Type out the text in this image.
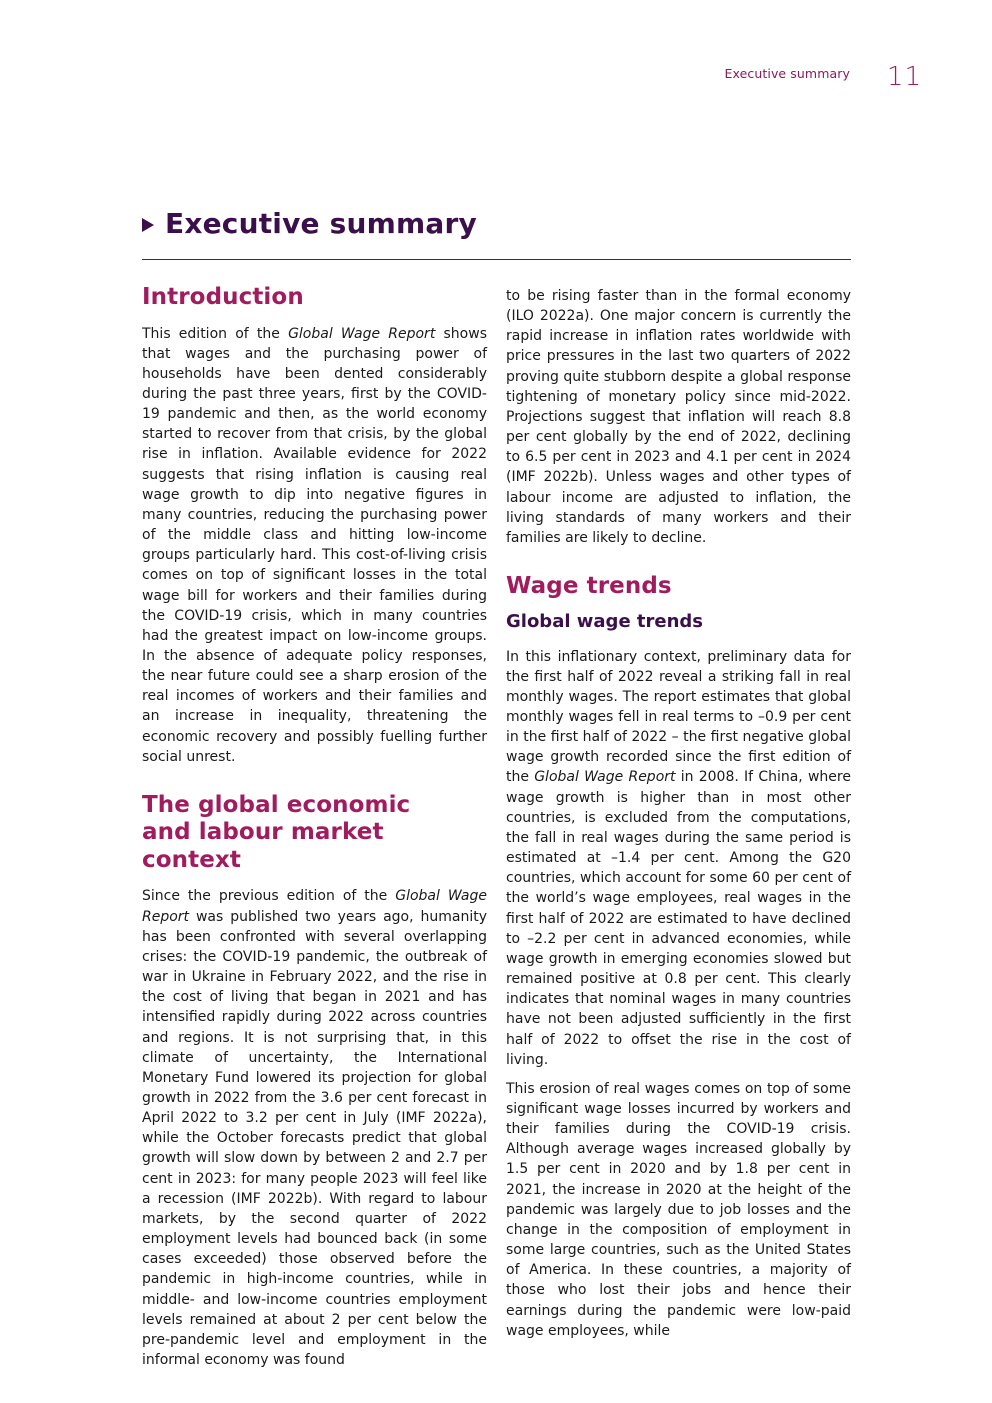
Executive summary 11
Executive summary
Introduction

This edition of the Global Wage Report shows that wages and the purchasing power of households have been dented considerably during the past three years, first by the COVID-19 pandemic and then, as the world economy started to recover from that crisis, by the global rise in inflation. Available evidence for 2022 suggests that rising inflation is causing real wage growth to dip into negative figures in many countries, reducing the purchasing power of the middle class and hitting low-income groups particularly hard. This cost-of-living crisis comes on top of significant losses in the total wage bill for workers and their families during the COVID-19 crisis, which in many countries had the greatest impact on low-income groups. In the absence of adequate policy responses, the near future could see a sharp erosion of the real incomes of workers and their families and an increase in inequality, threatening the economic recovery and possibly fuelling further social unrest.

The global economic
and labour market context

Since the previous edition of the Global Wage Report was published two years ago, humanity has been confronted with several overlapping crises: the COVID-19 pandemic, the outbreak of war in Ukraine in February 2022, and the rise in the cost of living that began in 2021 and has intensified rapidly during 2022 across countries and regions. It is not surprising that, in this climate of uncertainty, the International Monetary Fund lowered its projection for global growth in 2022 from the 3.6 per cent forecast in April 2022 to 3.2 per cent in July (IMF 2022a), while the October forecasts predict that global growth will slow down by between 2 and 2.7 per cent in 2023: for many people 2023 will feel like a recession (IMF 2022b). With regard to labour markets, by the second quarter of 2022 employment levels had bounced back (in some cases exceeded) those observed before the pandemic in high-income countries, while in middle- and low-income countries employment levels remained at about 2 per cent below the pre-pandemic level and employment in the informal economy was found

to be rising faster than in the formal economy (ILO 2022a). One major concern is currently the rapid increase in inflation rates worldwide with price pressures in the last two quarters of 2022 proving quite stubborn despite a global response tightening of monetary policy since mid-2022. Projections suggest that inflation will reach 8.8 per cent globally by the end of 2022, declining to 6.5 per cent in 2023 and 4.1 per cent in 2024 (IMF 2022b). Unless wages and other types of labour income are adjusted to inflation, the living standards of many workers and their families are likely to decline.

Wage trends
Global wage trends

In this inflationary context, preliminary data for the first half of 2022 reveal a striking fall in real monthly wages. The report estimates that global monthly wages fell in real terms to –0.9 per cent in the first half of 2022 – the first negative global wage growth recorded since the first edition of the Global Wage Report in 2008. If China, where wage growth is higher than in most other countries, is excluded from the computations, the fall in real wages during the same period is estimated at –1.4 per cent. Among the G20 countries, which account for some 60 per cent of the world’s wage employees, real wages in the first half of 2022 are estimated to have declined to –2.2 per cent in advanced economies, while wage growth in emerging economies slowed but remained positive at 0.8 per cent. This clearly indicates that nominal wages in many countries have not been adjusted sufficiently in the first half of 2022 to offset the rise in the cost of living.

This erosion of real wages comes on top of some significant wage losses incurred by workers and their families during the COVID-19 crisis. Although average wages increased globally by 1.5 per cent in 2020 and by 1.8 per cent in 2021, the increase in 2020 at the height of the pandemic was largely due to job losses and the change in the composition of employment in some large countries, such as the United States of America. In these countries, a majority of those who lost their jobs and hence their earnings during the pandemic were low-paid wage employees, while
